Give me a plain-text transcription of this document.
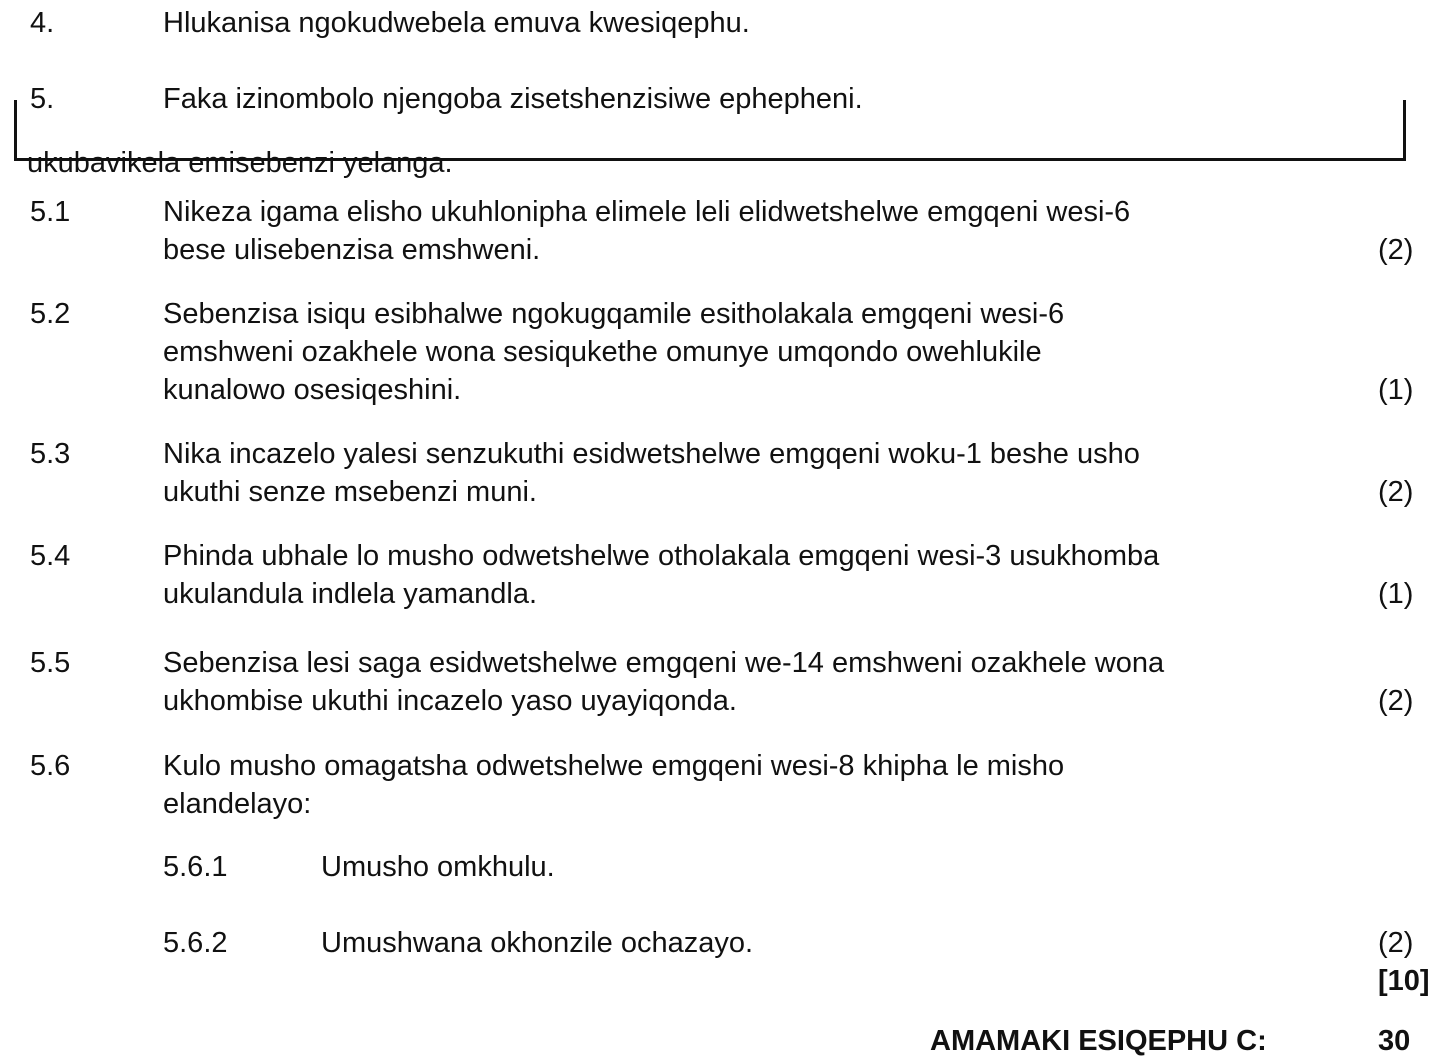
4.	Hlukanisa ngokudwebela emuva kwesiqephu.
5.	Faka izinombolo njengoba zisetshenzisiwe ephepheni.
ukubavikela emisebenzi yelanga.
5.1	Nikeza igama elisho ukuhlonipha elimele leli elidwetshelwe emgqeni wesi-6
bese ulisebenzisa emshweni.	(2)
5.2	Sebenzisa isiqu esibhalwe ngokugqamile esitholakala emgqeni wesi-6
emshweni ozakhele wona sesiqukethe omunye umqondo owehlukile
kunalowo osesiqeshini.	(1)
5.3	Nika incazelo yalesi senzukuthi esidwetshelwe emgqeni woku-1 beshe usho
ukuthi senze msebenzi muni.	(2)
5.4	Phinda ubhale lo musho odwetshelwe otholakala emgqeni wesi-3 usukhomba
ukulandula indlela yamandla.	(1)
5.5	Sebenzisa lesi saga esidwetshelwe emgqeni we-14 emshweni ozakhele wona
ukhombise ukuthi incazelo yaso uyayiqonda.	(2)
5.6	Kulo musho omagatsha odwetshelwe emgqeni wesi-8 khipha le misho
elandelayo:
5.6.1	Umusho omkhulu.
5.6.2	Umushwana okhonzile ochazayo.	(2)
[10]
AMAMAKI ESIQEPHU C:	30
